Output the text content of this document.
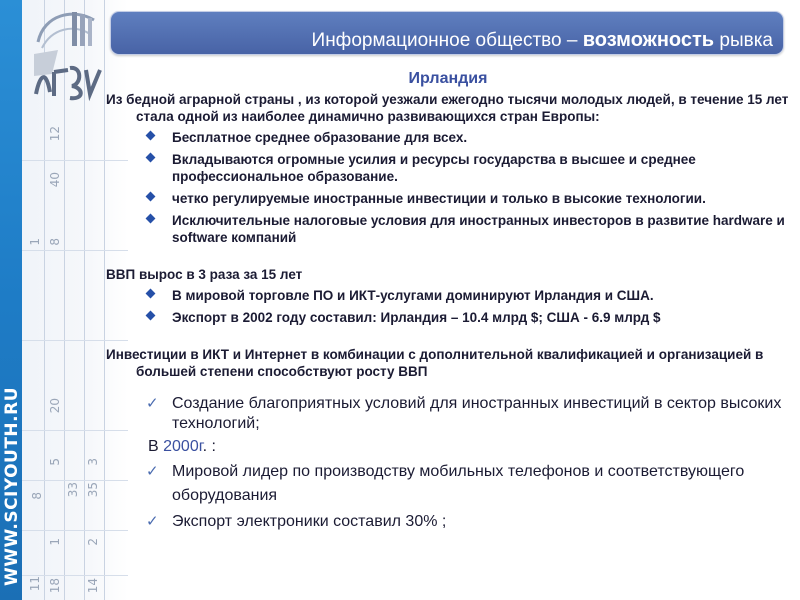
11 18 14
8
1
33
2
35
5
20
3
8
40
12
1
WWW.SCIYOUTH.RU
Информационное общество – возможность рывка
Ирландия
Из бедной аграрной страны , из которой уезжали ежегодно тысячи молодых людей, в течение 15 лет стала одной из наиболее динамично развивающихся стран Европы:
Бесплатное среднее образование для всех.
Вкладываются огромные усилия и ресурсы государства в высшее и среднее профессиональное образование.
четко регулируемые иностранные инвестиции и только в высокие технологии.
Исключительные налоговые условия для иностранных инвесторов в развитие hardware и software компаний
ВВП вырос в 3 раза за 15 лет
В мировой торговле ПО и ИКТ-услугами доминируют Ирландия и США.
Экспорт в 2002 году составил: Ирландия – 10.4 млрд $; США - 6.9 млрд $
Инвестиции в ИКТ и Интернет в комбинации с дополнительной квалификацией и организацией в большей степени способствуют росту ВВП
✓ Создание благоприятных условий для иностранных инвестиций в сектор высоких технологий;
В 2000г. :
✓ Мировой лидер по производству мобильных телефонов и соответствующего оборудования
✓ Экспорт электроники составил 30% ;
